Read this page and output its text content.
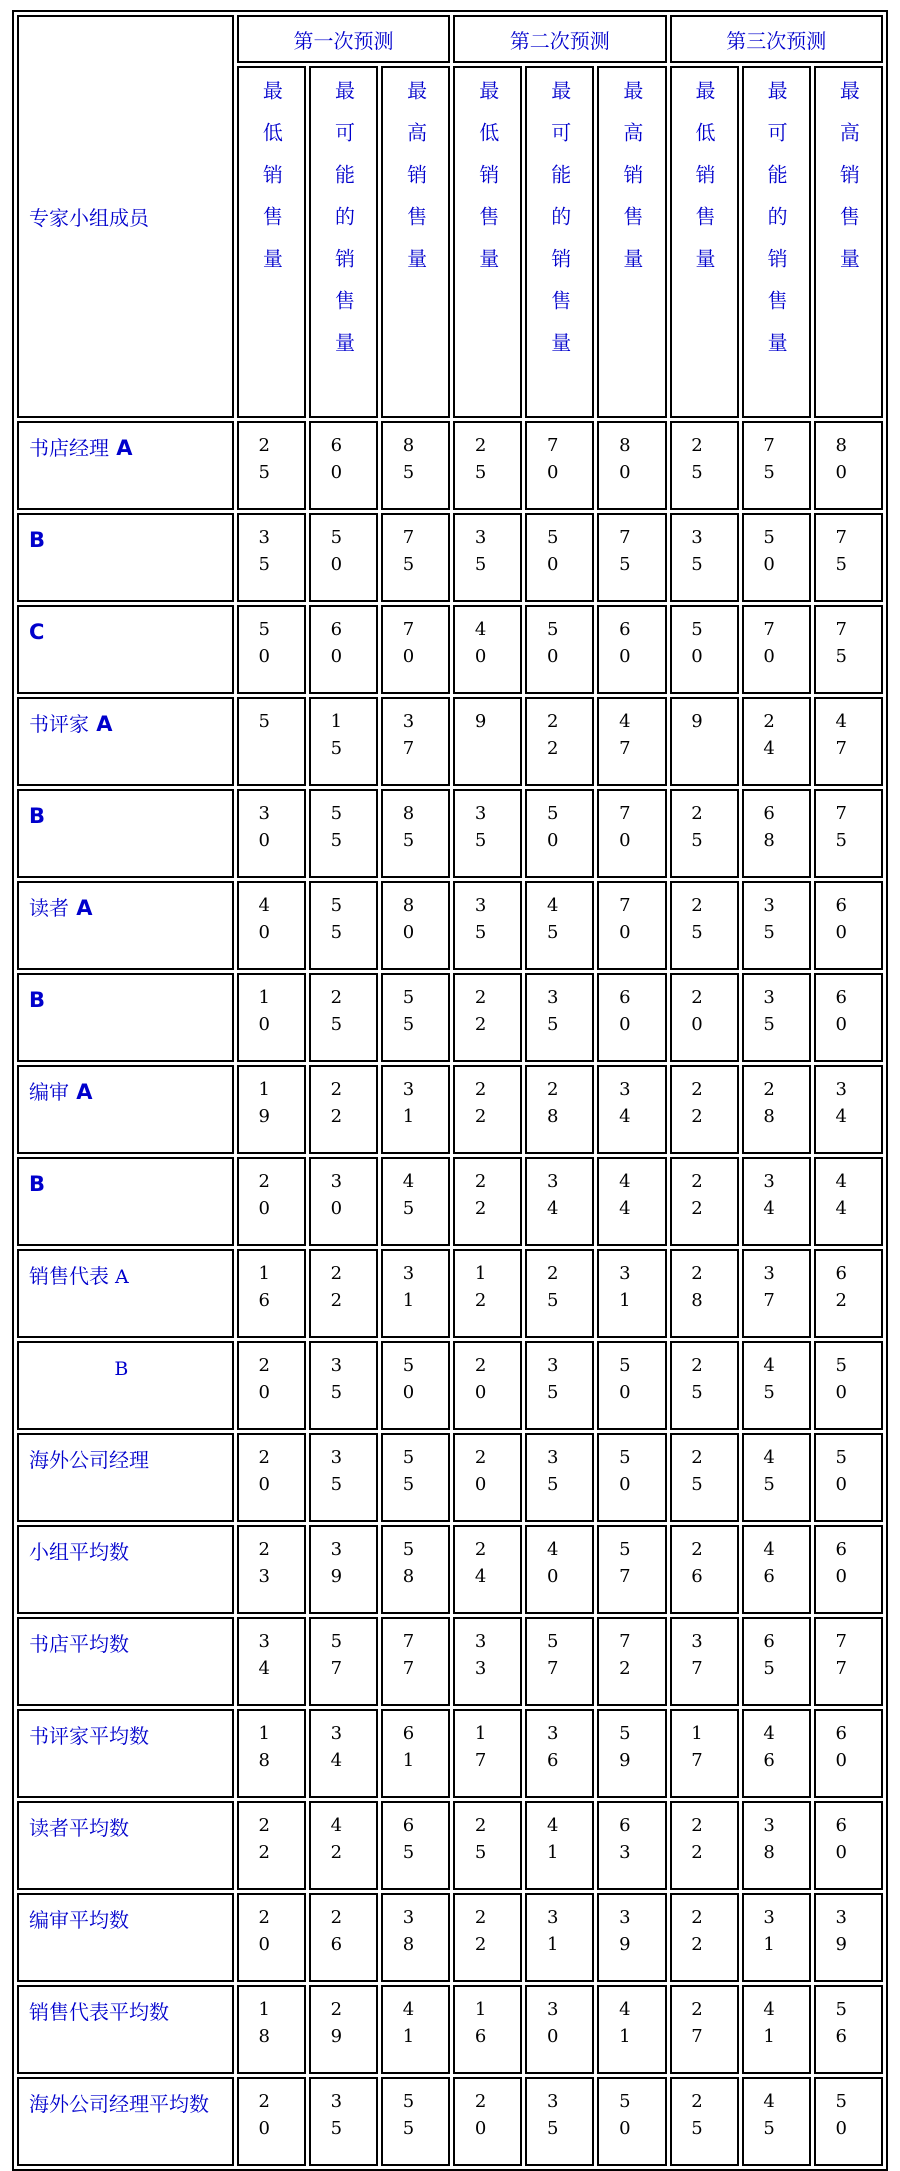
专家小组成员	第一次预测			第二次预测			第三次预测		
	最低销售量	最可能的销售量	最高销售量	最低销售量	最可能的销售量	最高销售量	最低销售量	最可能的销售量	最高销售量
书店经理 A	25	60	85	25	70	80	25	75	80
B	35	50	75	35	50	75	35	50	75
C	50	60	70	40	50	60	50	70	75
书评家 A	5	15	37	9	22	47	9	24	47
B	30	55	85	35	50	70	25	68	75
读者 A	40	55	80	35	45	70	25	35	60
B	10	25	55	22	35	60	20	35	60
编审 A	19	22	31	22	28	34	22	28	34
B	20	30	45	22	34	44	22	34	44
销售代表 A	16	22	31	12	25	31	28	37	62
B	20	35	50	20	35	50	25	45	50
海外公司经理	20	35	55	20	35	50	25	45	50
小组平均数	23	39	58	24	40	57	26	46	60
书店平均数	34	57	77	33	57	72	37	65	77
书评家平均数	18	34	61	17	36	59	17	46	60
读者平均数	22	42	65	25	41	63	22	38	60
编审平均数	20	26	38	22	31	39	22	31	39
销售代表平均数	18	29	41	16	30	41	27	41	56
海外公司经理平均数	20	35	55	20	35	50	25	45	50
